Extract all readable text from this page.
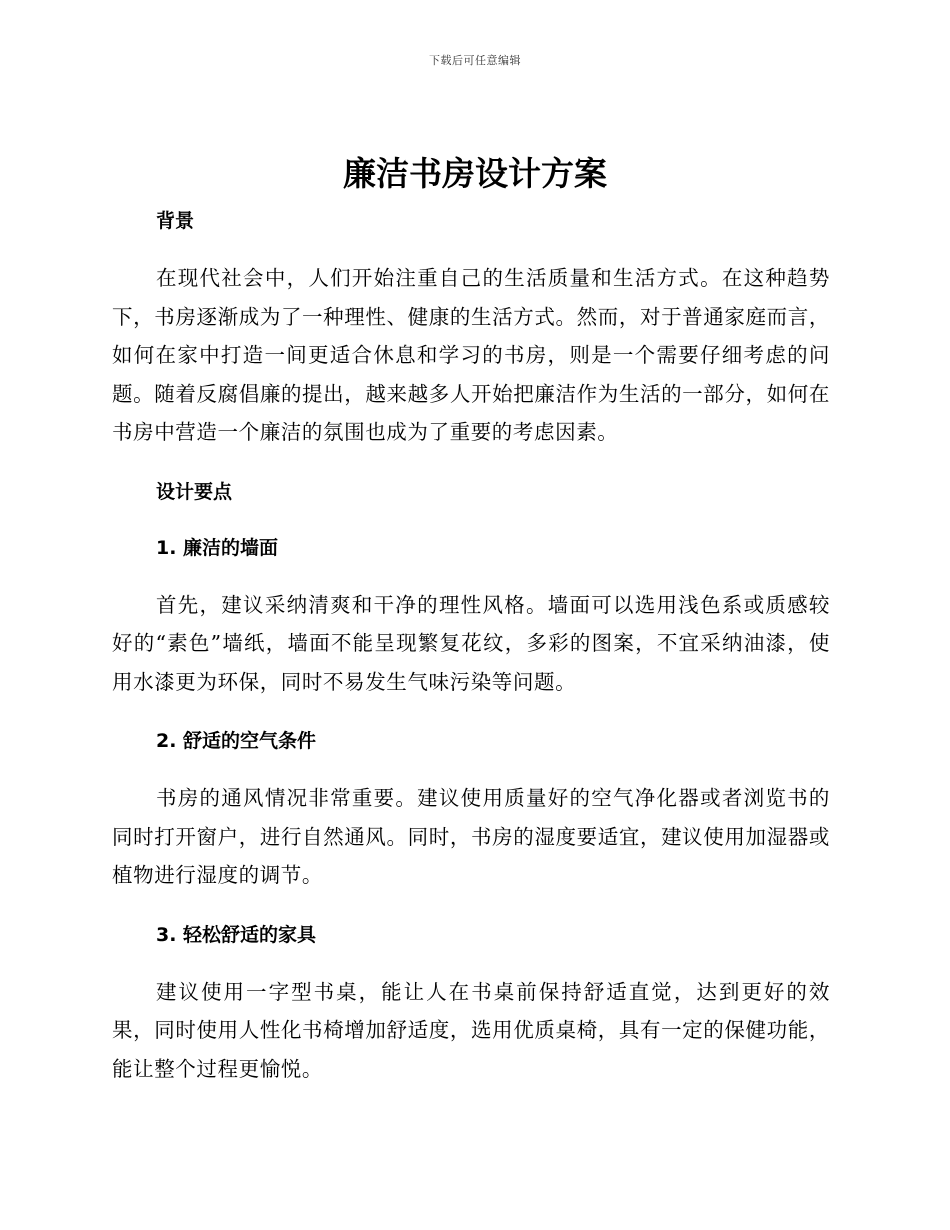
下载后可任意编辑
廉洁书房设计方案
背景

在现代社会中，人们开始注重自己的生活质量和生活方式。在这种趋势下，书房逐渐成为了一种理性、健康的生活方式。然而，对于普通家庭而言，如何在家中打造一间更适合休息和学习的书房，则是一个需要仔细考虑的问题。随着反腐倡廉的提出，越来越多人开始把廉洁作为生活的一部分，如何在书房中营造一个廉洁的氛围也成为了重要的考虑因素。

设计要点
1. 廉洁的墙面

首先，建议采纳清爽和干净的理性风格。墙面可以选用浅色系或质感较好的“素色”墙纸，墙面不能呈现繁复花纹，多彩的图案，不宜采纳油漆，使用水漆更为环保，同时不易发生气味污染等问题。

2. 舒适的空气条件

书房的通风情况非常重要。建议使用质量好的空气净化器或者浏览书的同时打开窗户，进行自然通风。同时，书房的湿度要适宜，建议使用加湿器或植物进行湿度的调节。

3. 轻松舒适的家具

建议使用一字型书桌，能让人在书桌前保持舒适直觉，达到更好的效果，同时使用人性化书椅增加舒适度，选用优质桌椅，具有一定的保健功能，能让整个过程更愉悦。
